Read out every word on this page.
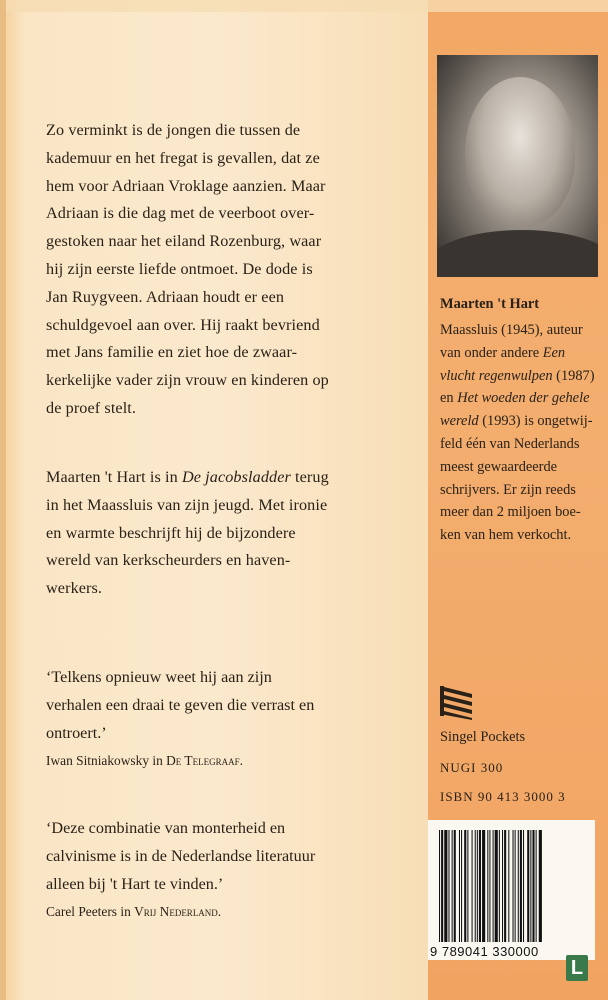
Zo verminkt is de jongen die tussen de
kademuur en het fregat is gevallen, dat ze
hem voor Adriaan Vroklage aanzien. Maar
Adriaan is die dag met de veerboot over-
gestoken naar het eiland Rozenburg, waar
hij zijn eerste liefde ontmoet. De dode is
Jan Ruygveen. Adriaan houdt er een
schuldgevoel aan over. Hij raakt bevriend
met Jans familie en ziet hoe de zwaar-
kerkelijke vader zijn vrouw en kinderen op
de proef stelt.
Maarten 't Hart is in De jacobsladder terug
in het Maassluis van zijn jeugd. Met ironie
en warmte beschrijft hij de bijzondere
wereld van kerkscheurders en haven-
werkers.
‘Telkens opnieuw weet hij aan zijn
verhalen een draai te geven die verrast en
ontroert.’
Iwan Sitniakowsky in De Telegraaf.
‘Deze combinatie van monterheid en
calvinisme is in de Nederlandse literatuur
alleen bij 't Hart te vinden.’
Carel Peeters in Vrij Nederland.
Maarten 't Hart
Maassluis (1945), auteur
van onder andere Een
vlucht regenwulpen (1987)
en Het woeden der gehele
wereld (1993) is ongetwij-
feld één van Nederlands
meest gewaardeerde
schrijvers. Er zijn reeds
meer dan 2 miljoen boe-
ken van hem verkocht.
Singel Pockets
NUGI 300
ISBN 90 413 3000 3
9 789041 330000
L
